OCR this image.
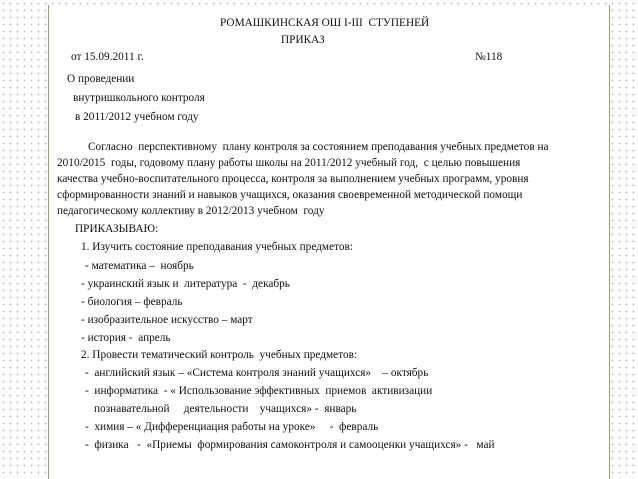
РОМАШКИНСКАЯ ОШ I-III  СТУПЕНЕЙ
ПРИКАЗ
от 15.09.2011 г.	№118
О проведении
внутришкольного контроля
в 2011/2012 учебном году
Согласно  перспективному  плану контроля за состоянием преподавания учебных предметов на
2010/2015  годы, годовому плану работы школы на 2011/2012 учебный год,  с целью повышения
качества учебно-воспитательного процесса, контроля за выполнением учебных программ, уровня
сформированности знаний и навыков учащихся, оказания своевременной методической помощи
педагогическому коллективу в 2012/2013 учебном  году
ПРИКАЗЫВАЮ:
1. Изучить состояние преподавания учебных предметов:
- математика –  ноябрь
- украинский язык и  литература  -  декабрь
- биология – февраль
- изобразительное искусство – март
- история -  апрель
2. Провести тематический контроль  учебных предметов:
-  английский язык – «Система контроля знаний учащихся»    – октябрь
-  информатика  - « Использование эффективных  приемов  активизации
познавательной     деятельности    учащихся» -  январь
-  химия – « Дифференциация работы на уроке»     -  февраль
-  физика   -  «Приемы  формирования самоконтроля и самооценки учащихся» -   май
